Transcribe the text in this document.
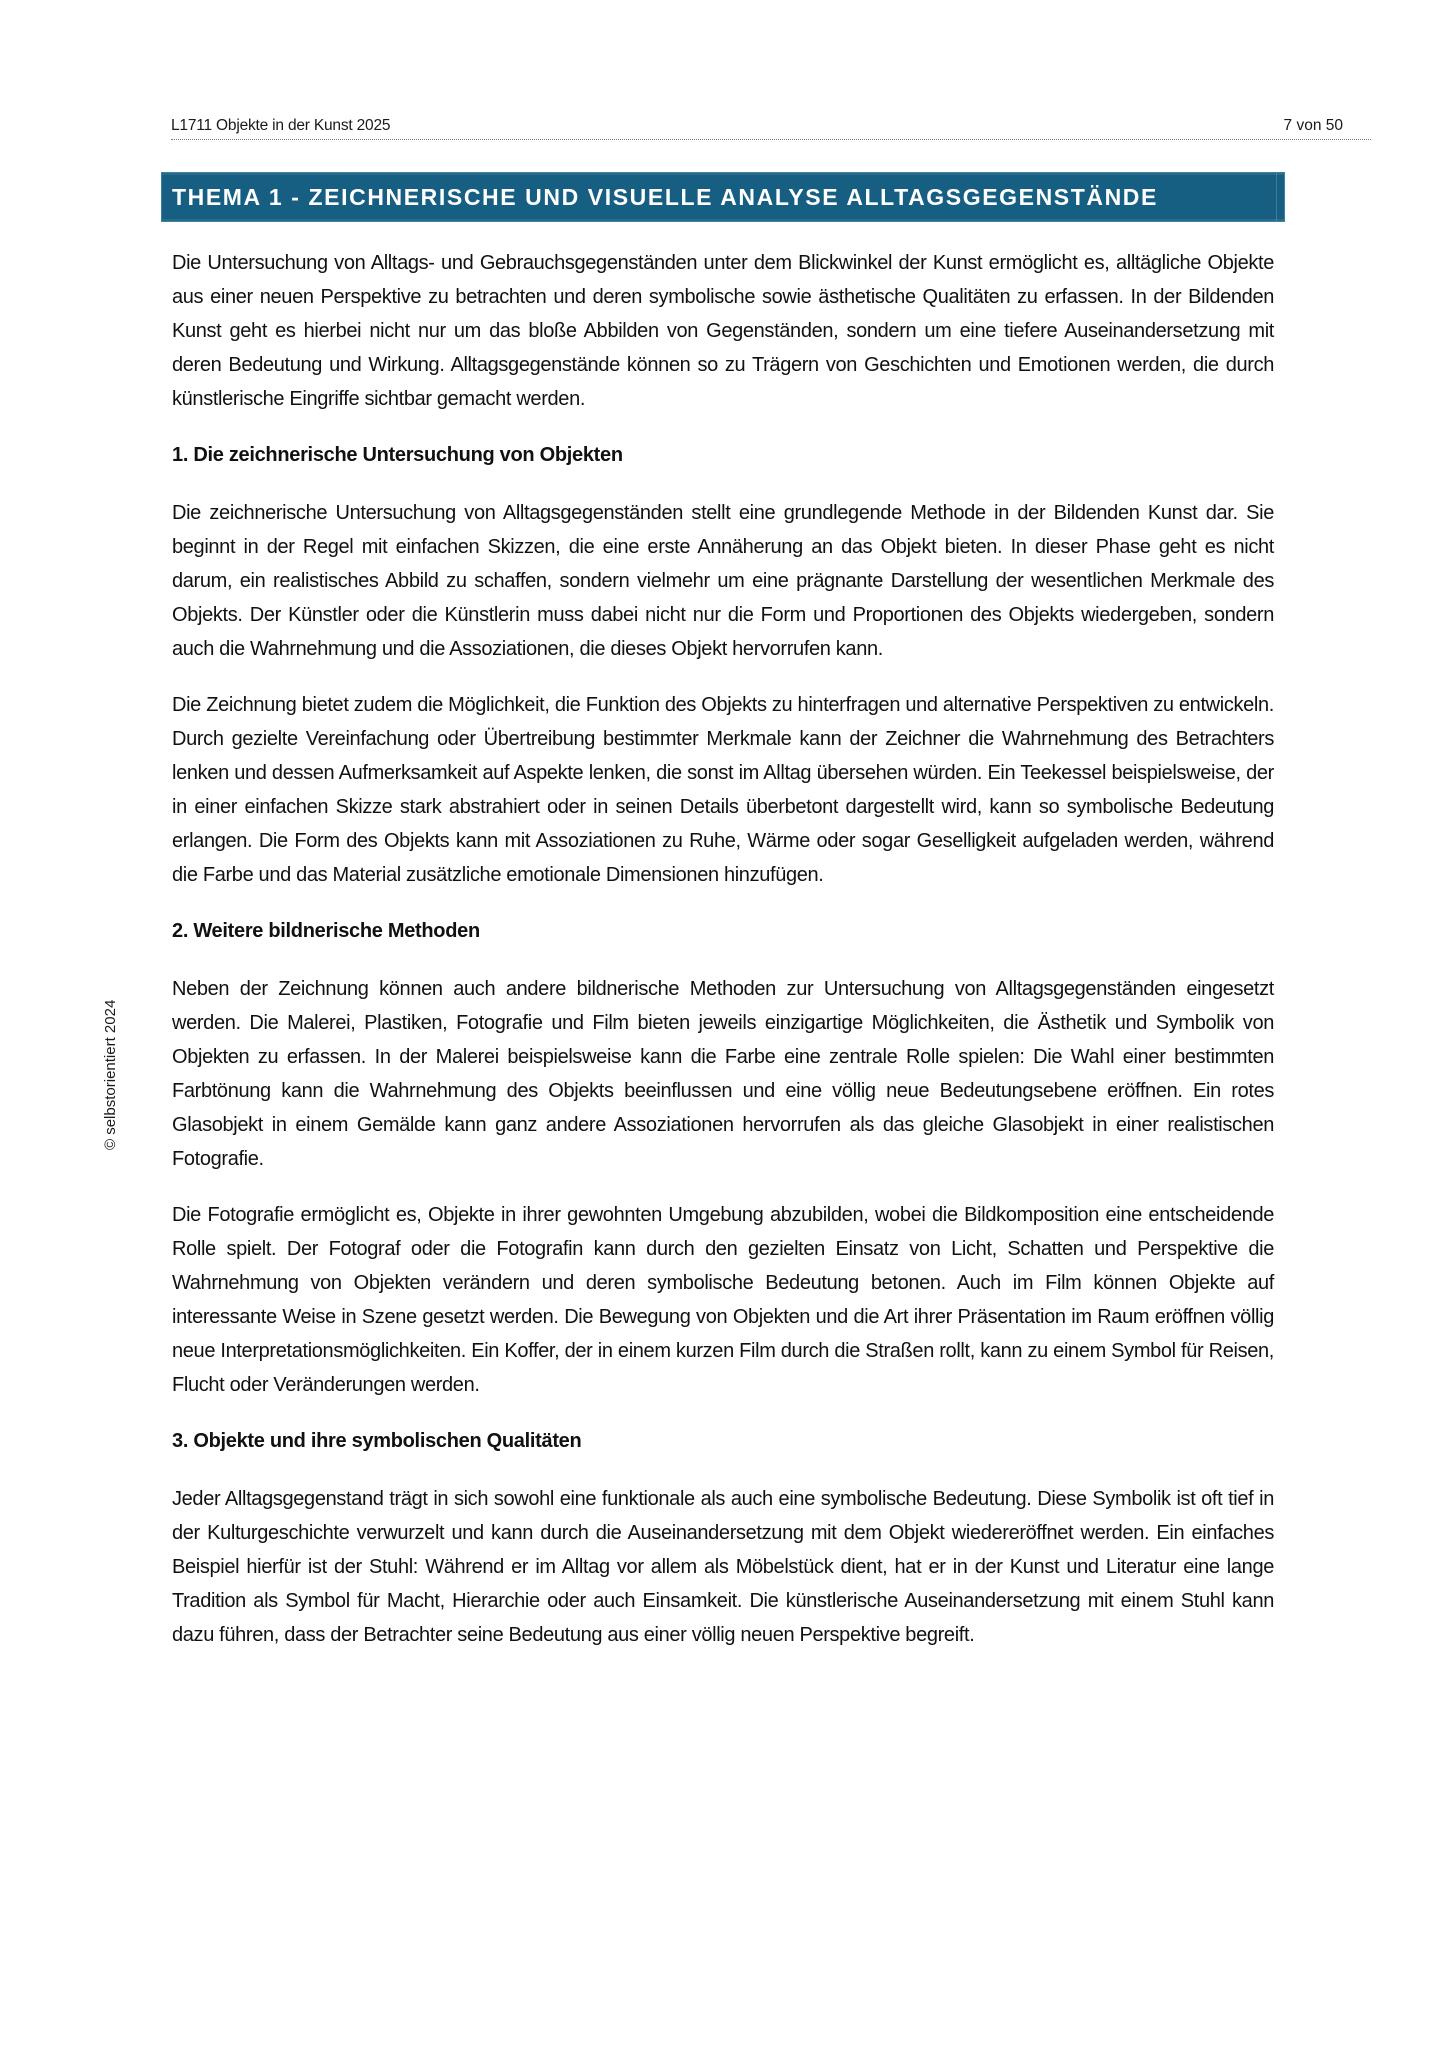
L1711 Objekte in der Kunst 2025	7 von 50
© selbstorientiert 2024
THEMA 1 - ZEICHNERISCHE UND VISUELLE ANALYSE ALLTAGSGEGENSTÄNDE

Die Untersuchung von Alltags- und Gebrauchsgegenständen unter dem Blickwinkel der Kunst ermöglicht es, alltägliche Objekte aus einer neuen Perspektive zu betrachten und deren symbolische sowie ästhetische Qualitäten zu erfassen. In der Bildenden Kunst geht es hierbei nicht nur um das bloße Abbilden von Gegenständen, sondern um eine tiefere Auseinandersetzung mit deren Bedeutung und Wirkung. Alltagsgegenstände können so zu Trägern von Geschichten und Emotionen werden, die durch künstlerische Eingriffe sichtbar gemacht werden.

1. Die zeichnerische Untersuchung von Objekten

Die zeichnerische Untersuchung von Alltagsgegenständen stellt eine grundlegende Methode in der Bildenden Kunst dar. Sie beginnt in der Regel mit einfachen Skizzen, die eine erste Annäherung an das Objekt bieten. In dieser Phase geht es nicht darum, ein realistisches Abbild zu schaffen, sondern vielmehr um eine prägnante Darstellung der wesentlichen Merkmale des Objekts. Der Künstler oder die Künstlerin muss dabei nicht nur die Form und Proportionen des Objekts wiedergeben, sondern auch die Wahrnehmung und die Assoziationen, die dieses Objekt hervorrufen kann.

Die Zeichnung bietet zudem die Möglichkeit, die Funktion des Objekts zu hinterfragen und alternative Perspektiven zu entwickeln. Durch gezielte Vereinfachung oder Übertreibung bestimmter Merkmale kann der Zeichner die Wahrnehmung des Betrachters lenken und dessen Aufmerksamkeit auf Aspekte lenken, die sonst im Alltag übersehen würden. Ein Teekessel beispielsweise, der in einer einfachen Skizze stark abstrahiert oder in seinen Details überbetont dargestellt wird, kann so symbolische Bedeutung erlangen. Die Form des Objekts kann mit Assoziationen zu Ruhe, Wärme oder sogar Geselligkeit aufgeladen werden, während die Farbe und das Material zusätzliche emotionale Dimensionen hinzufügen.

2. Weitere bildnerische Methoden

Neben der Zeichnung können auch andere bildnerische Methoden zur Untersuchung von Alltagsgegenständen eingesetzt werden. Die Malerei, Plastiken, Fotografie und Film bieten jeweils einzigartige Möglichkeiten, die Ästhetik und Symbolik von Objekten zu erfassen. In der Malerei beispielsweise kann die Farbe eine zentrale Rolle spielen: Die Wahl einer bestimmten Farbtönung kann die Wahrnehmung des Objekts beeinflussen und eine völlig neue Bedeutungsebene eröffnen. Ein rotes Glasobjekt in einem Gemälde kann ganz andere Assoziationen hervorrufen als das gleiche Glasobjekt in einer realistischen Fotografie.

Die Fotografie ermöglicht es, Objekte in ihrer gewohnten Umgebung abzubilden, wobei die Bildkomposition eine entscheidende Rolle spielt. Der Fotograf oder die Fotografin kann durch den gezielten Einsatz von Licht, Schatten und Perspektive die Wahrnehmung von Objekten verändern und deren symbolische Bedeutung betonen. Auch im Film können Objekte auf interessante Weise in Szene gesetzt werden. Die Bewegung von Objekten und die Art ihrer Präsentation im Raum eröffnen völlig neue Interpretationsmöglichkeiten. Ein Koffer, der in einem kurzen Film durch die Straßen rollt, kann zu einem Symbol für Reisen, Flucht oder Veränderungen werden.

3. Objekte und ihre symbolischen Qualitäten

Jeder Alltagsgegenstand trägt in sich sowohl eine funktionale als auch eine symbolische Bedeutung. Diese Symbolik ist oft tief in der Kulturgeschichte verwurzelt und kann durch die Auseinandersetzung mit dem Objekt wiedereröffnet werden. Ein einfaches Beispiel hierfür ist der Stuhl: Während er im Alltag vor allem als Möbelstück dient, hat er in der Kunst und Literatur eine lange Tradition als Symbol für Macht, Hierarchie oder auch Einsamkeit. Die künstlerische Auseinandersetzung mit einem Stuhl kann dazu führen, dass der Betrachter seine Bedeutung aus einer völlig neuen Perspektive begreift.
